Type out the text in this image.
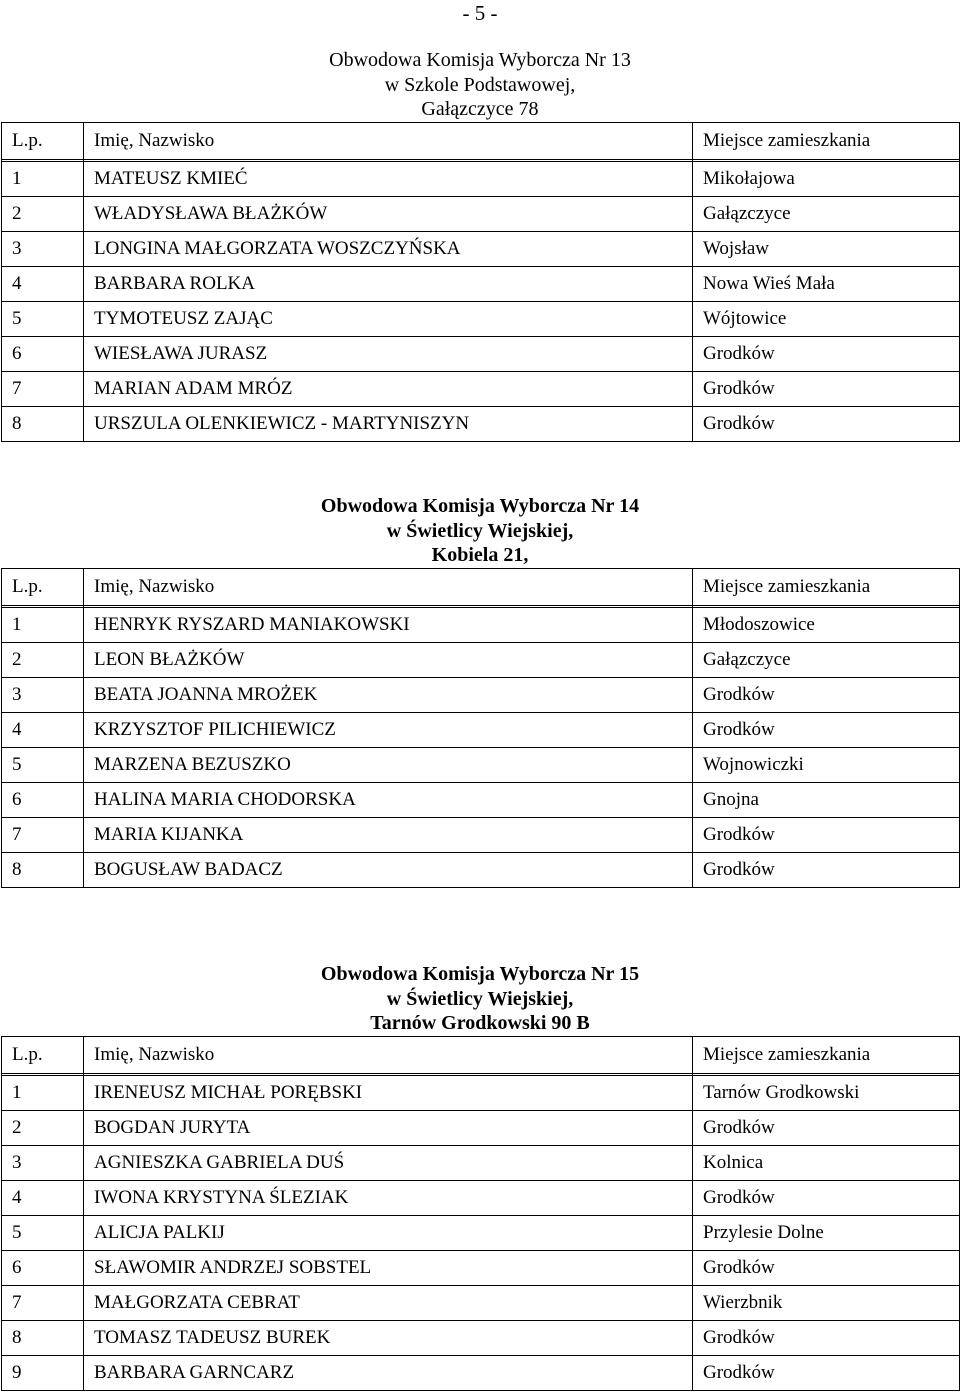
- 5 -
Obwodowa Komisja Wyborcza Nr 13
w Szkole Podstawowej,
Gałązczyce 78
L.p.	Imię, Nazwisko	Miejsce zamieszkania

1	MATEUSZ KMIEĆ	Mikołajowa
2	WŁADYSŁAWA BŁAŻKÓW	Gałązczyce
3	LONGINA MAŁGORZATA WOSZCZYŃSKA	Wojsław
4	BARBARA ROLKA	Nowa Wieś Mała
5	TYMOTEUSZ ZAJĄC	Wójtowice
6	WIESŁAWA JURASZ	Grodków
7	MARIAN ADAM MRÓZ	Grodków
8	URSZULA OLENKIEWICZ - MARTYNISZYN	Grodków
Obwodowa Komisja Wyborcza Nr 14
w Świetlicy Wiejskiej,
Kobiela 21,
L.p.	Imię, Nazwisko	Miejsce zamieszkania

1	HENRYK RYSZARD MANIAKOWSKI	Młodoszowice
2	LEON BŁAŻKÓW	Gałązczyce
3	BEATA JOANNA MROŻEK	Grodków
4	KRZYSZTOF PILICHIEWICZ	Grodków
5	MARZENA BEZUSZKO	Wojnowiczki
6	HALINA MARIA CHODORSKA	Gnojna
7	MARIA KIJANKA	Grodków
8	BOGUSŁAW BADACZ	Grodków
Obwodowa Komisja Wyborcza Nr 15
w Świetlicy Wiejskiej,
Tarnów Grodkowski 90 B
L.p.	Imię, Nazwisko	Miejsce zamieszkania

1	IRENEUSZ MICHAŁ PORĘBSKI	Tarnów Grodkowski
2	BOGDAN JURYTA	Grodków
3	AGNIESZKA GABRIELA DUŚ	Kolnica
4	IWONA KRYSTYNA ŚLEZIAK	Grodków
5	ALICJA PALKIJ	Przylesie Dolne
6	SŁAWOMIR ANDRZEJ SOBSTEL	Grodków
7	MAŁGORZATA CEBRAT	Wierzbnik
8	TOMASZ TADEUSZ BUREK	Grodków
9	BARBARA GARNCARZ	Grodków
